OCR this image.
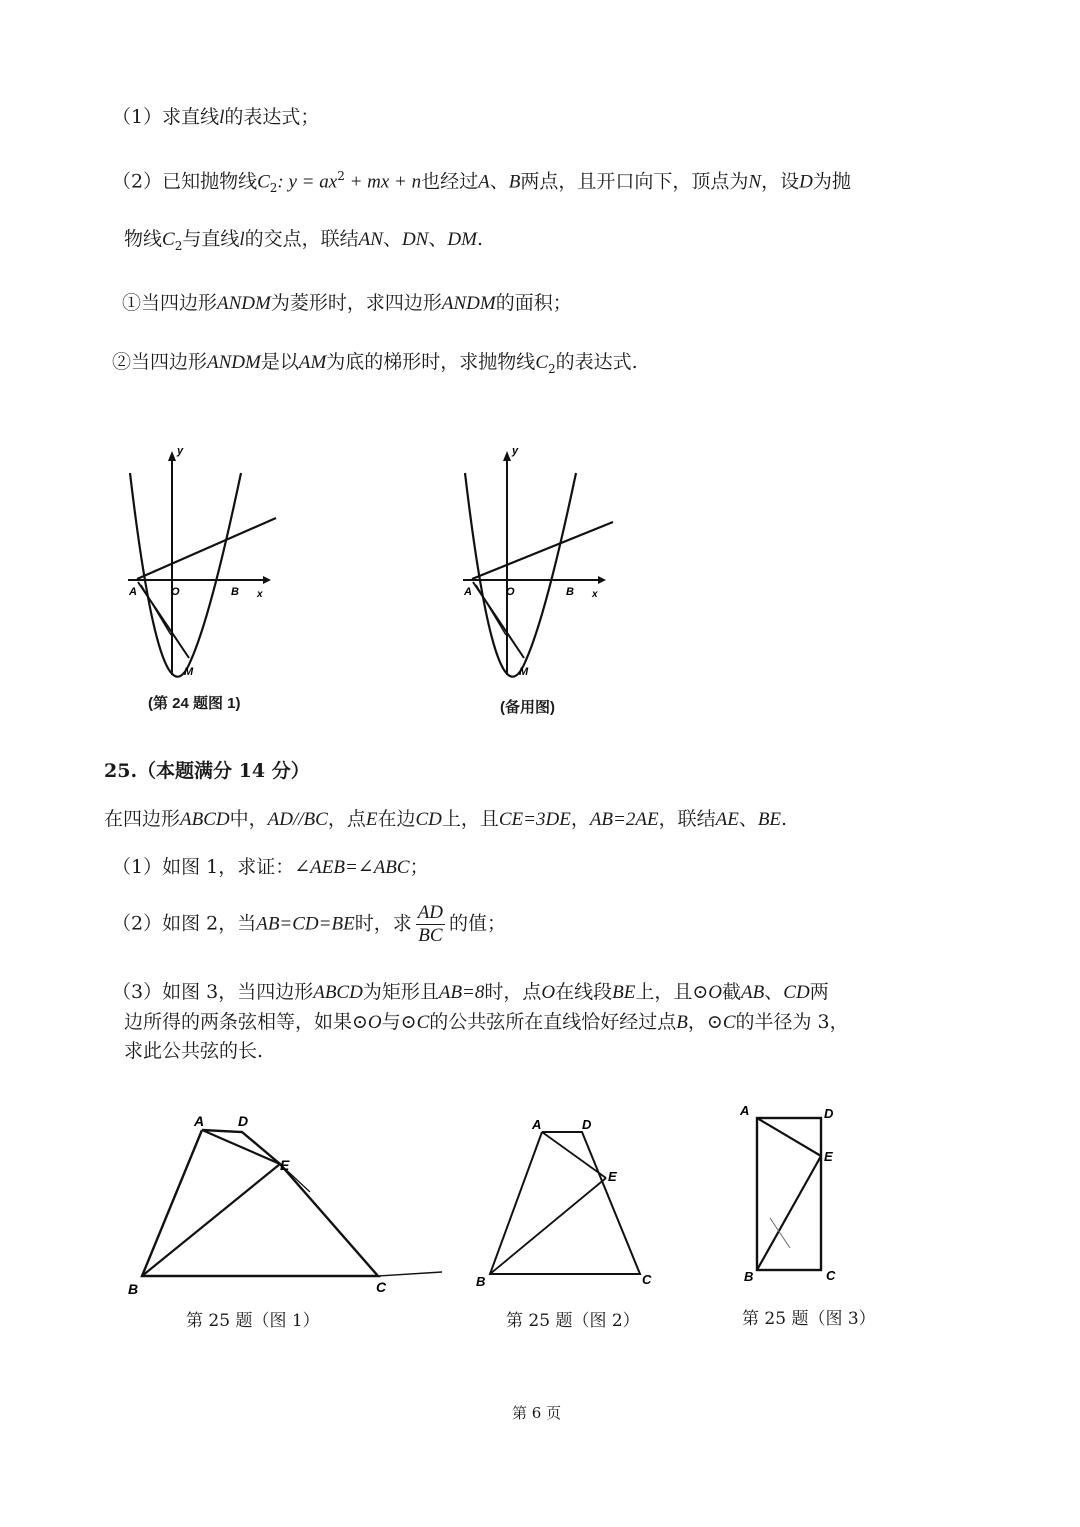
（1）求直线l的表达式；
（2）已知抛物线$C_2$: $y = ax^2$ + mx + n也经过A、B两点，且开口向下，顶点为N，设D为抛
物线$C_2$与直线l的交点，联结AN、DN、DM.
①当四边形ANDM为菱形时，求四边形ANDM的面积；
②当四边形ANDM是以AM为底的梯形时，求抛物线$C_2$的表达式.
y
O
A	B x
M
(第 24 题图 1)
y
O
A	B x
M
(备用图)
25.（本题满分 14 分）
在四边形ABCD中，AD//BC，点E在边CD上，且CE=3DE，AB=2AE，联结AE、BE.
（1）如图 1，求证：∠AEB=∠ABC；
（2）如图 2，当AB=CD=BE时，求 $\frac{AD}{BC}$ 的值；
（3）如图 3，当四边形ABCD为矩形且AB=8时，点O在线段BE上，且⊙O截AB、CD两
边所得的两条弦相等，如果⊙O与⊙C的公共弦所在直线恰好经过点B，⊙C的半径为 3，
求此公共弦的长.
A D
E
B	C
第 25 题（图 1）
A	D
E
B	C
第 25 题（图 2）
A	D
E
B	C
第 25 题（图 3）
第 6 页
